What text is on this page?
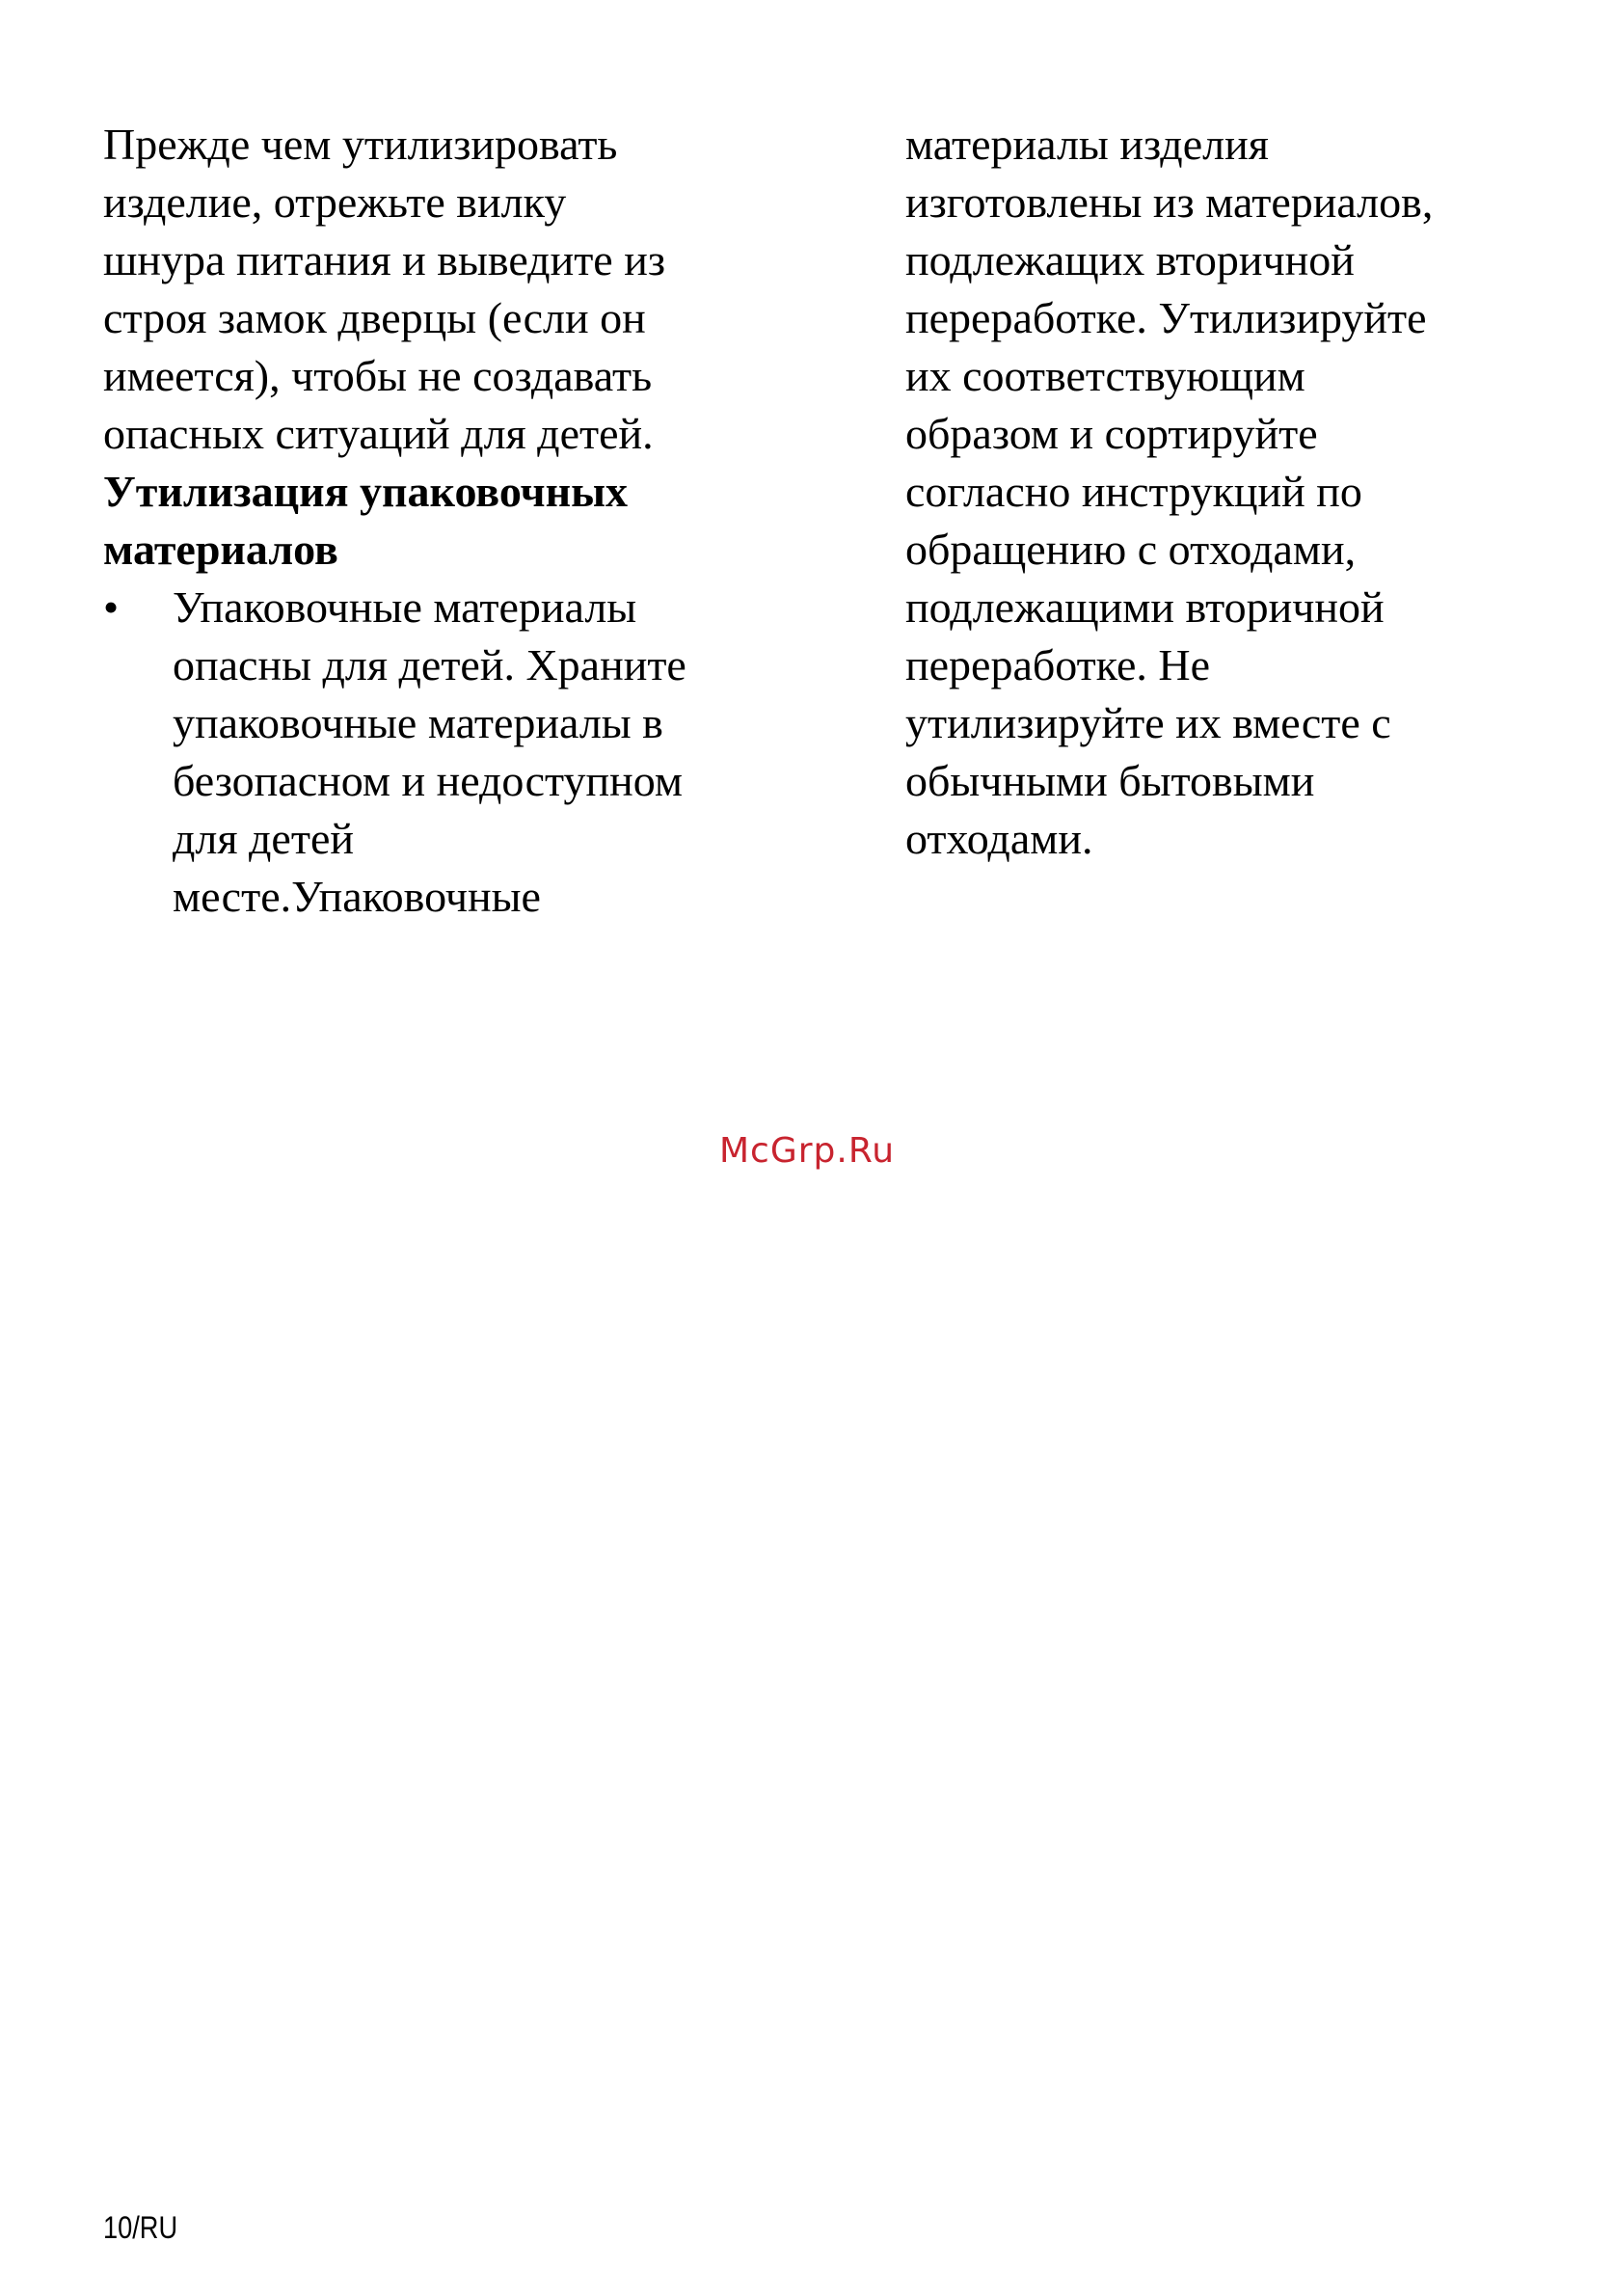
Прежде чем утилизировать
изделие, отрежьте вилку
шнура питания и выведите из
строя замок дверцы (если он
имеется), чтобы не создавать
опасных ситуаций для детей.
Утилизация упаковочных
материалов
• Упаковочные материалы
опасны для детей. Храните
упаковочные материалы в
безопасном и недоступном
для детей
месте.Упаковочные
материалы изделия
изготовлены из материалов,
подлежащих вторичной
переработке. Утилизируйте
их соответствующим
образом и сортируйте
согласно инструкций по
обращению с отходами,
подлежащими вторичной
переработке. Не
утилизируйте их вместе с
обычными бытовыми
отходами.
McGrp.Ru
10/RU
